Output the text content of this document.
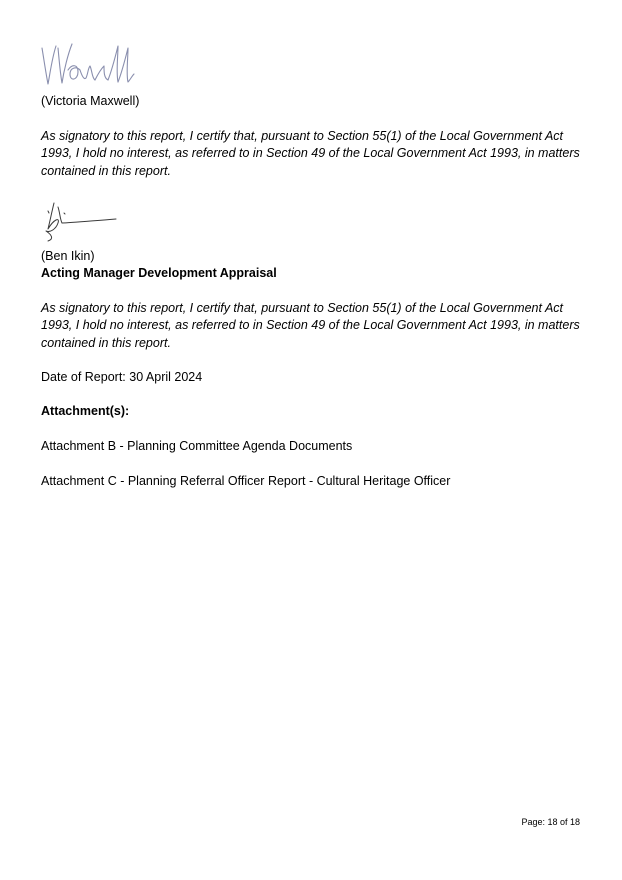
(Victoria Maxwell)
As signatory to this report, I certify that, pursuant to Section 55(1) of the Local Government Act 1993, I hold no interest, as referred to in Section 49 of the Local Government Act 1993, in matters contained in this report.
(Ben Ikin)
Acting Manager Development Appraisal
As signatory to this report, I certify that, pursuant to Section 55(1) of the Local Government Act 1993, I hold no interest, as referred to in Section 49 of the Local Government Act 1993, in matters contained in this report.
Date of Report: 30 April 2024
Attachment(s):
Attachment B - Planning Committee Agenda Documents
Attachment C - Planning Referral Officer Report - Cultural Heritage Officer
Page: 18 of 18
